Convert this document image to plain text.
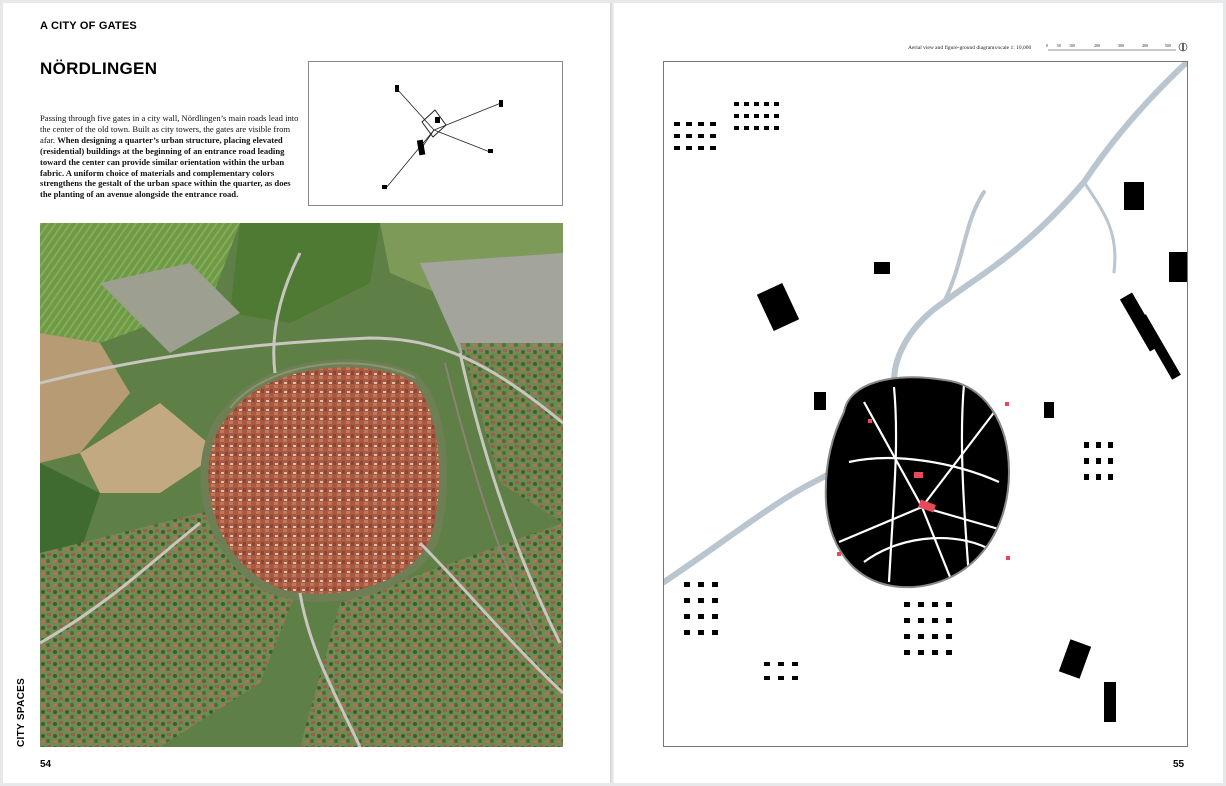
A CITY OF GATES
NÖRDLINGEN

Passing through five gates in a city wall, Nördlingen’s main roads lead into the center of the old town. Built as city towers, the gates are visible from afar. When designing a quarter’s urban structure, placing elevated (residential) buildings at the beginning of an entrance road leading toward the center can provide similar orientation within the urban fabric. A uniform choice of materials and complementary colors strengthens the gestalt of the urban space within the quarter, as does the planting of an avenue alongside the entrance road.

CITY SPACES
54
Aerial view and figure-ground diagrams/scale 1: 10,000	0 50 100	200	300	400	500
55
